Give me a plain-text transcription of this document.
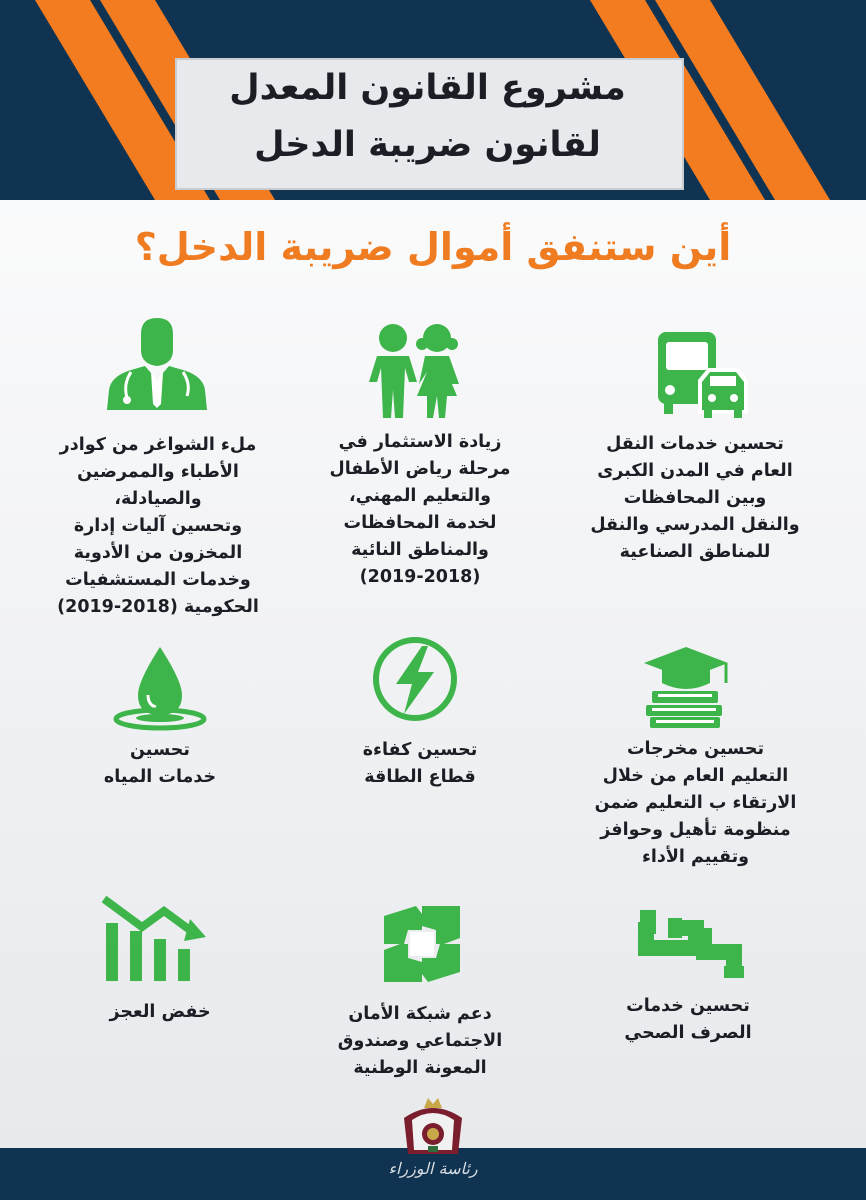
مشروع القانون المعدل
لقانون ضريبة الدخل
أين ستنفق أموال ضريبة الدخل؟
تحسين خدمات النقل
العام في المدن الكبرى
وبين المحافظات
والنقل المدرسي والنقل
للمناطق الصناعية
زيادة الاستثمار في
مرحلة رياض الأطفال
والتعليم المهني،
لخدمة المحافظات
والمناطق النائية
(2019-2018)
ملء الشواغر من كوادر
الأطباء والممرضين
والصيادلة،
وتحسين آليات إدارة
المخزون من الأدوية
وخدمات المستشفيات
الحكومية (2018-2019)
تحسين مخرجات
التعليم العام من خلال
الارتقاء ب التعليم ضمن
منظومة تأهيل وحوافز
وتقييم الأداء
تحسين كفاءة
قطاع الطاقة
تحسين
خدمات المياه
تحسين خدمات
الصرف الصحي
دعم شبكة الأمان
الاجتماعي وصندوق
المعونة الوطنية
خفض العجز
رئاسة الوزراء
